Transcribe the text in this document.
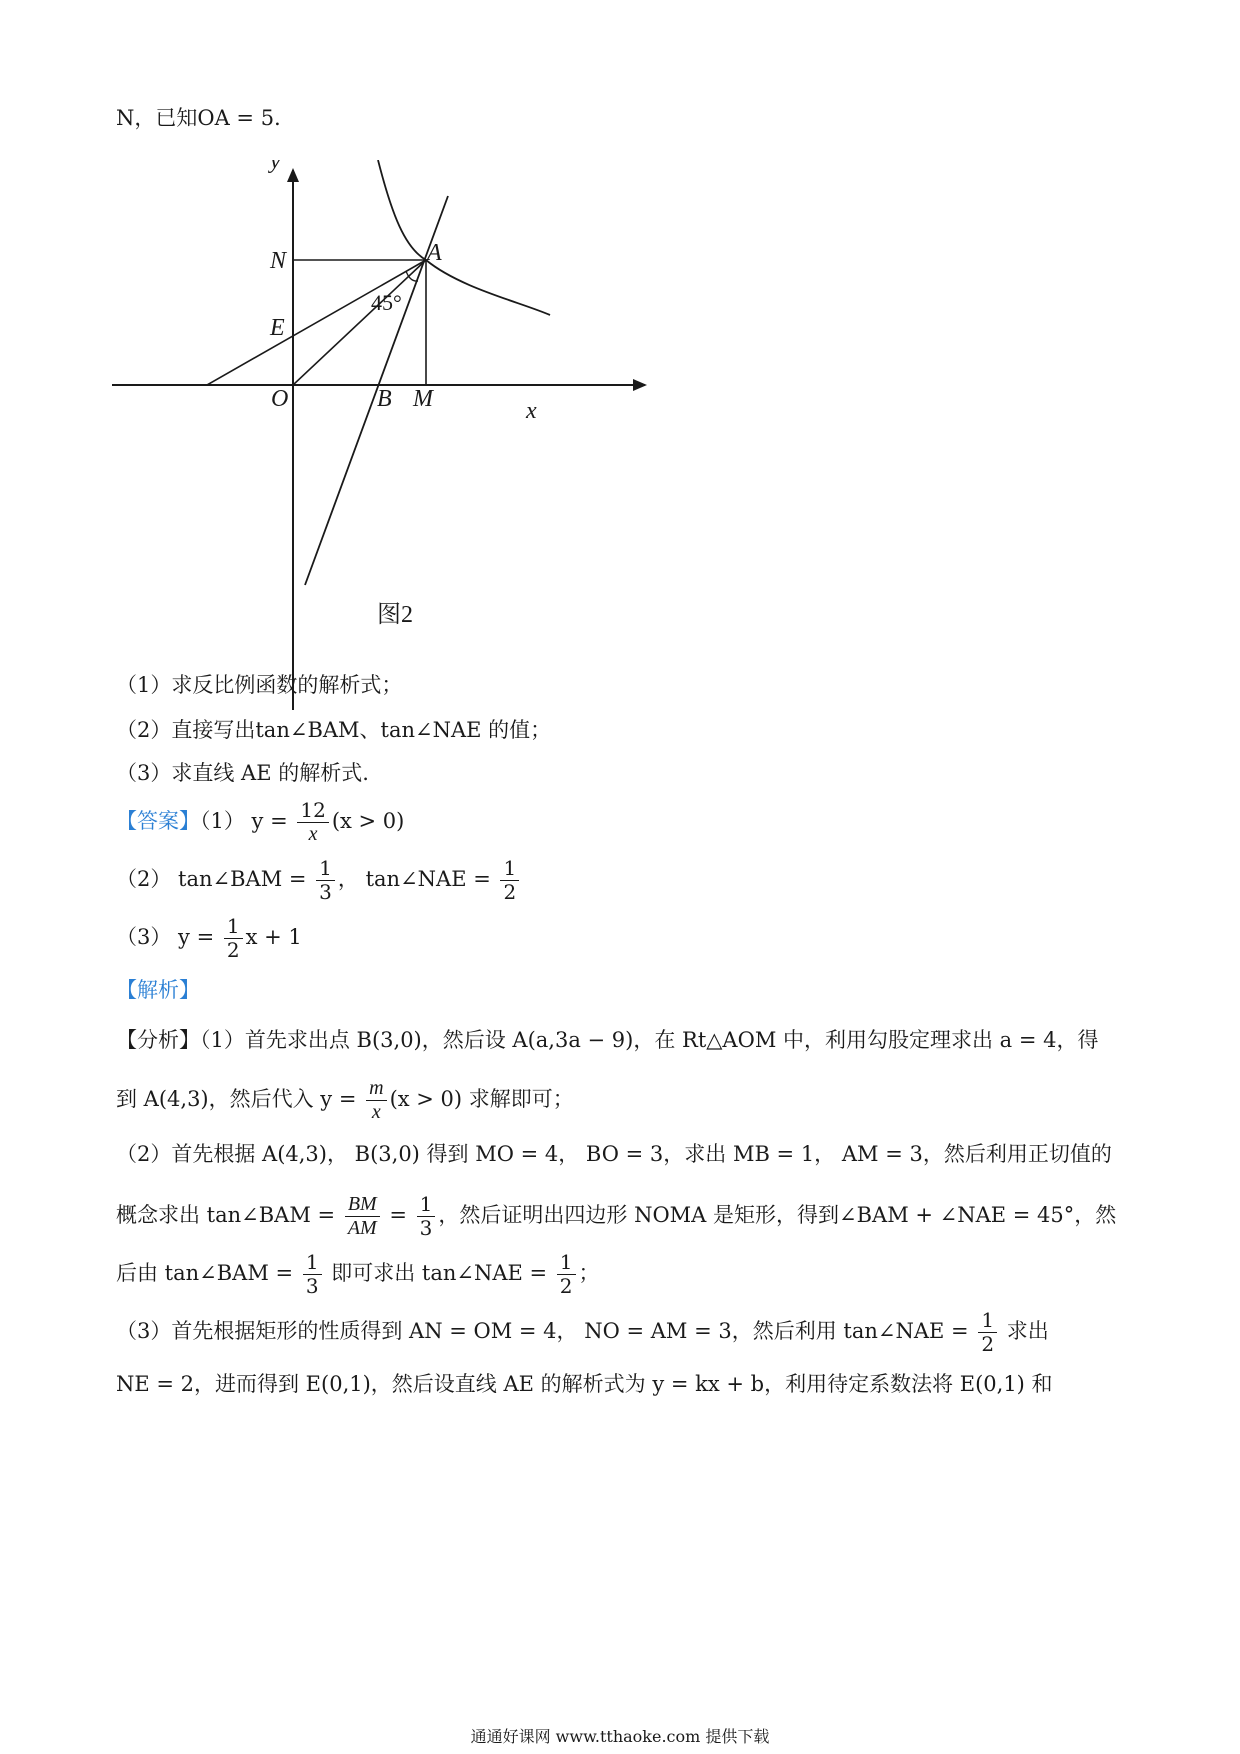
N，已知OA = 5．
y
N	A
45°
E
O	B M	x
图2
（1）求反比例函数的解析式；
（2）直接写出tan∠BAM、tan∠NAE 的值；
（3）求直线 AE 的解析式.
【答案】（1） $y = \frac{12}{x} (x > 0)$
（2） tan∠BAM = $\frac{1}{3}$ ， tan∠NAE = $\frac{1}{2}$
（3） $y = \frac{1}{2}$ x + 1
【解析】
【分析】（1）首先求出点 B(3,0)，然后设 A(a,3a − 9)，在 Rt△AOM 中，利用勾股定理求出 a = 4，得
到 A(4,3)，然后代入 $y = \frac{m}{x} (x > 0)$ 求解即可；
（2）首先根据 A(4,3)， B(3,0) 得到 MO = 4， BO = 3，求出 MB = 1， AM = 3，然后利用正切值的
概念求出 tan∠BAM = $\frac{BM}{AM} = \frac{1}{3}$ ，然后证明出四边形 NOMA 是矩形，得到∠BAM + ∠NAE = 45°，然
后由 tan∠BAM = $\frac{1}{3}$ 即可求出 tan∠NAE = $\frac{1}{2}$ ；
（3）首先根据矩形的性质得到 AN = OM = 4， NO = AM = 3，然后利用 tan∠NAE = $\frac{1}{2}$ 求出
NE = 2，进而得到 E(0,1)，然后设直线 AE 的解析式为 y = kx + b，利用待定系数法将 E(0,1) 和
通通好课网 www.tthaoke.com 提供下载
